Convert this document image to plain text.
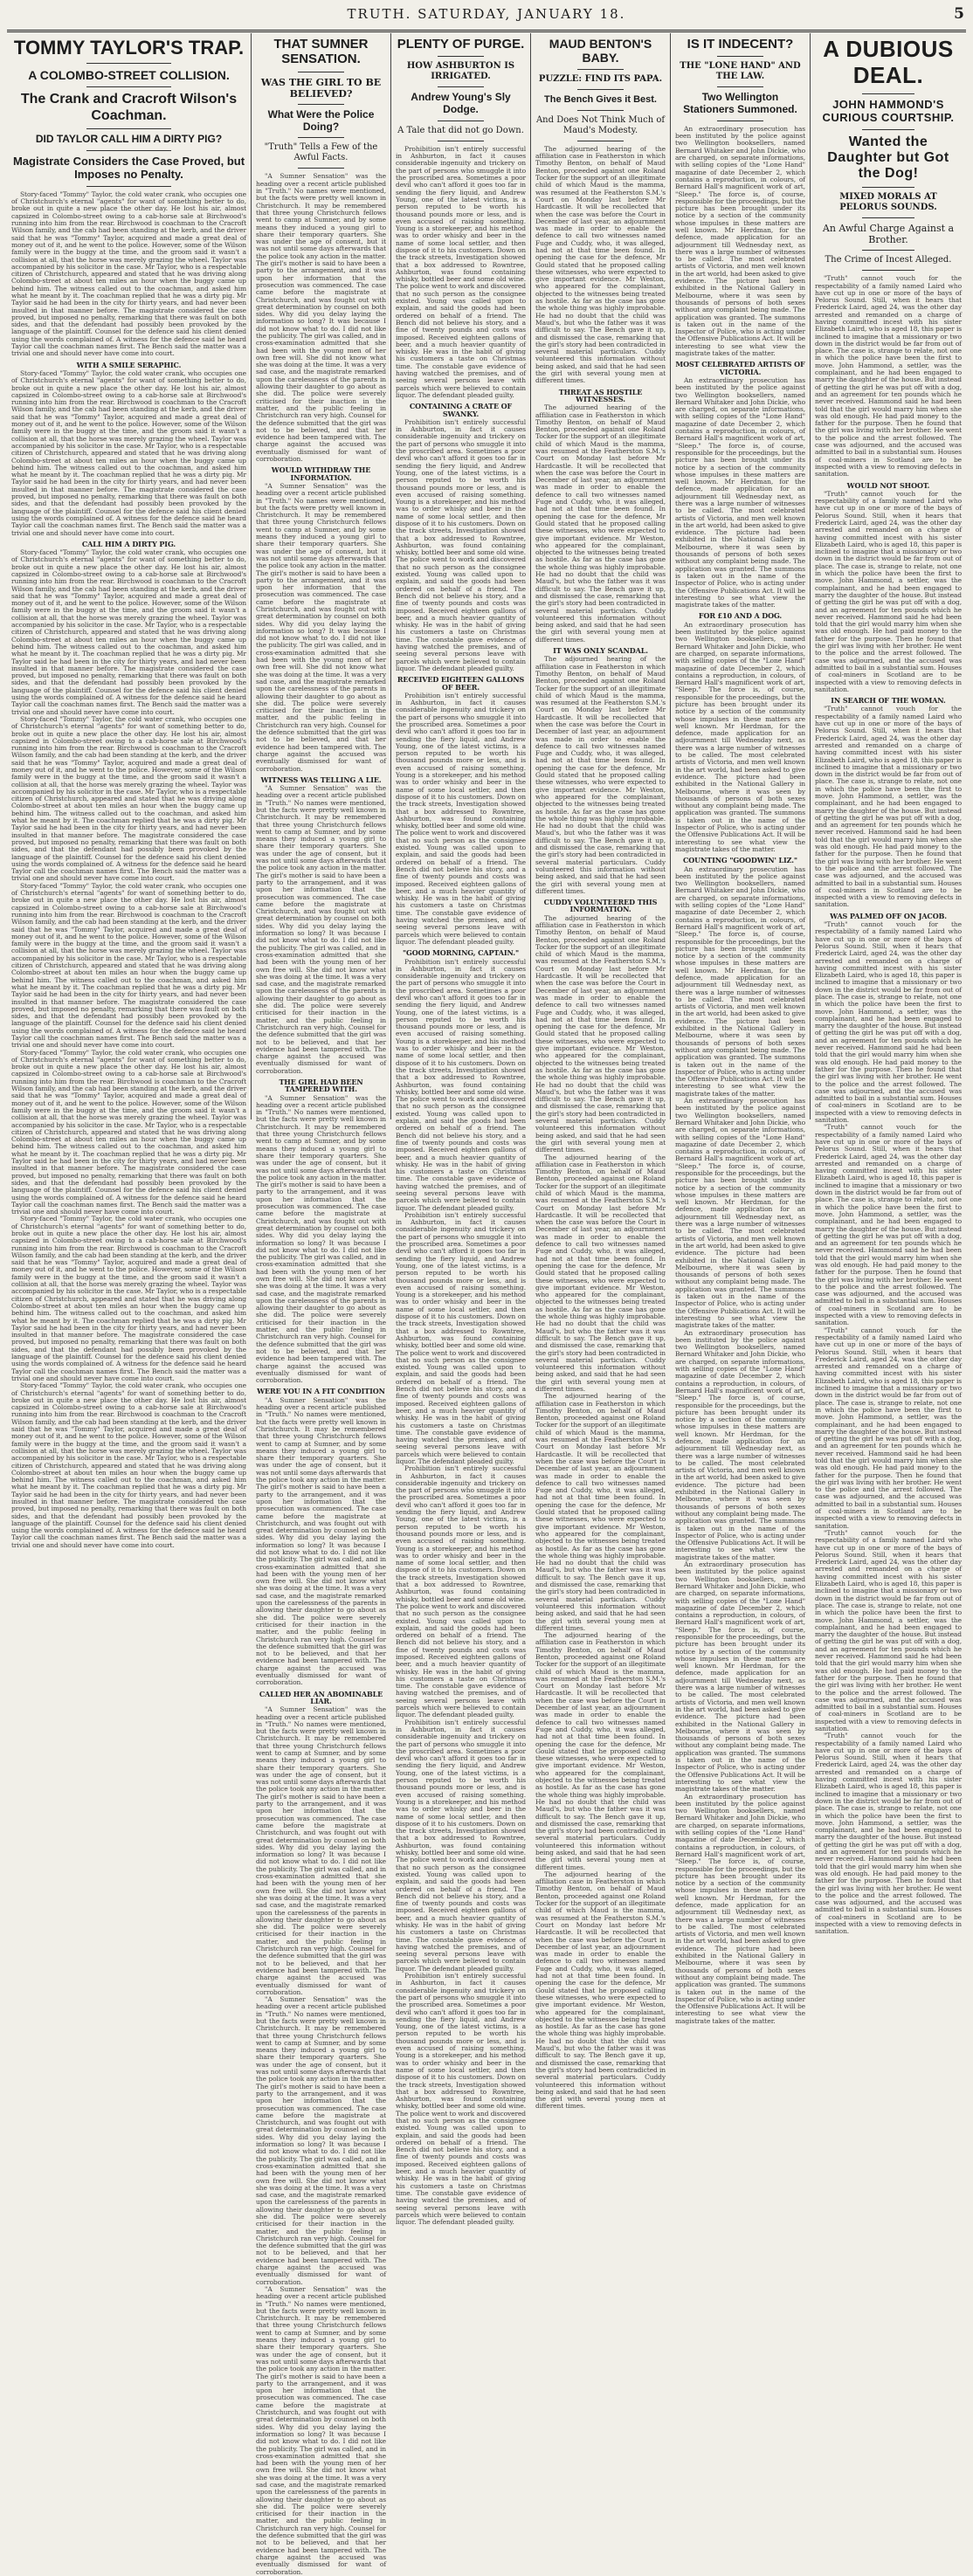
TRUTH. SATURDAY, JANUARY 18.	5
TOMMY TAYLOR'S TRAP.
A COLOMBO-STREET COLLISION.
The Crank and Cracroft Wilson's Coachman.
DID TAYLOR CALL HIM A DIRTY PIG?
Magistrate Considers the Case Proved, but Imposes no Penalty.

Story-faced "Tommy" Taylor, the cold water crank, who occupies one of Christchurch's eternal "agents" for want of something better to do, broke out in quite a new place the other day. He lost his air, almost capsized in Colombo-street owing to a cab-horse sale at Birchwood's running into him from the rear. Birchwood is coachman to the Cracroft Wilson family, and the cab had been standing at the kerb, and the driver said that he was "Tommy" Taylor, acquired and made a great deal of money out of it, and he went to the police. However, some of the Wilson family were in the buggy at the time, and the groom said it wasn't a collision at all, that the horse was merely grazing the wheel. Taylor was accompanied by his solicitor in the case. Mr Taylor, who is a respectable citizen of Christchurch, appeared and stated that he was driving along Colombo-street at about ten miles an hour when the buggy came up behind him. The witness called out to the coachman, and asked him what he meant by it. The coachman replied that he was a dirty pig. Mr Taylor said he had been in the city for thirty years, and had never been insulted in that manner before. The magistrate considered the case proved, but imposed no penalty, remarking that there was fault on both sides, and that the defendant had possibly been provoked by the language of the plaintiff. Counsel for the defence said his client denied using the words complained of. A witness for the defence said he heard Taylor call the coachman names first. The Bench said the matter was a trivial one and should never have come into court.

WITH A SMILE SERAPHIC.

Story-faced "Tommy" Taylor, the cold water crank, who occupies one of Christchurch's eternal "agents" for want of something better to do, broke out in quite a new place the other day. He lost his air, almost capsized in Colombo-street owing to a cab-horse sale at Birchwood's running into him from the rear. Birchwood is coachman to the Cracroft Wilson family, and the cab had been standing at the kerb, and the driver said that he was "Tommy" Taylor, acquired and made a great deal of money out of it, and he went to the police. However, some of the Wilson family were in the buggy at the time, and the groom said it wasn't a collision at all, that the horse was merely grazing the wheel. Taylor was accompanied by his solicitor in the case. Mr Taylor, who is a respectable citizen of Christchurch, appeared and stated that he was driving along Colombo-street at about ten miles an hour when the buggy came up behind him. The witness called out to the coachman, and asked him what he meant by it. The coachman replied that he was a dirty pig. Mr Taylor said he had been in the city for thirty years, and had never been insulted in that manner before. The magistrate considered the case proved, but imposed no penalty, remarking that there was fault on both sides, and that the defendant had possibly been provoked by the language of the plaintiff. Counsel for the defence said his client denied using the words complained of. A witness for the defence said he heard Taylor call the coachman names first. The Bench said the matter was a trivial one and should never have come into court.

CALL HIM A DIRTY PIG.

Story-faced "Tommy" Taylor, the cold water crank, who occupies one of Christchurch's eternal "agents" for want of something better to do, broke out in quite a new place the other day. He lost his air, almost capsized in Colombo-street owing to a cab-horse sale at Birchwood's running into him from the rear. Birchwood is coachman to the Cracroft Wilson family, and the cab had been standing at the kerb, and the driver said that he was "Tommy" Taylor, acquired and made a great deal of money out of it, and he went to the police. However, some of the Wilson family were in the buggy at the time, and the groom said it wasn't a collision at all, that the horse was merely grazing the wheel. Taylor was accompanied by his solicitor in the case. Mr Taylor, who is a respectable citizen of Christchurch, appeared and stated that he was driving along Colombo-street at about ten miles an hour when the buggy came up behind him. The witness called out to the coachman, and asked him what he meant by it. The coachman replied that he was a dirty pig. Mr Taylor said he had been in the city for thirty years, and had never been insulted in that manner before. The magistrate considered the case proved, but imposed no penalty, remarking that there was fault on both sides, and that the defendant had possibly been provoked by the language of the plaintiff. Counsel for the defence said his client denied using the words complained of. A witness for the defence said he heard Taylor call the coachman names first. The Bench said the matter was a trivial one and should never have come into court.

Story-faced "Tommy" Taylor, the cold water crank, who occupies one of Christchurch's eternal "agents" for want of something better to do, broke out in quite a new place the other day. He lost his air, almost capsized in Colombo-street owing to a cab-horse sale at Birchwood's running into him from the rear. Birchwood is coachman to the Cracroft Wilson family, and the cab had been standing at the kerb, and the driver said that he was "Tommy" Taylor, acquired and made a great deal of money out of it, and he went to the police. However, some of the Wilson family were in the buggy at the time, and the groom said it wasn't a collision at all, that the horse was merely grazing the wheel. Taylor was accompanied by his solicitor in the case. Mr Taylor, who is a respectable citizen of Christchurch, appeared and stated that he was driving along Colombo-street at about ten miles an hour when the buggy came up behind him. The witness called out to the coachman, and asked him what he meant by it. The coachman replied that he was a dirty pig. Mr Taylor said he had been in the city for thirty years, and had never been insulted in that manner before. The magistrate considered the case proved, but imposed no penalty, remarking that there was fault on both sides, and that the defendant had possibly been provoked by the language of the plaintiff. Counsel for the defence said his client denied using the words complained of. A witness for the defence said he heard Taylor call the coachman names first. The Bench said the matter was a trivial one and should never have come into court.

Story-faced "Tommy" Taylor, the cold water crank, who occupies one of Christchurch's eternal "agents" for want of something better to do, broke out in quite a new place the other day. He lost his air, almost capsized in Colombo-street owing to a cab-horse sale at Birchwood's running into him from the rear. Birchwood is coachman to the Cracroft Wilson family, and the cab had been standing at the kerb, and the driver said that he was "Tommy" Taylor, acquired and made a great deal of money out of it, and he went to the police. However, some of the Wilson family were in the buggy at the time, and the groom said it wasn't a collision at all, that the horse was merely grazing the wheel. Taylor was accompanied by his solicitor in the case. Mr Taylor, who is a respectable citizen of Christchurch, appeared and stated that he was driving along Colombo-street at about ten miles an hour when the buggy came up behind him. The witness called out to the coachman, and asked him what he meant by it. The coachman replied that he was a dirty pig. Mr Taylor said he had been in the city for thirty years, and had never been insulted in that manner before. The magistrate considered the case proved, but imposed no penalty, remarking that there was fault on both sides, and that the defendant had possibly been provoked by the language of the plaintiff. Counsel for the defence said his client denied using the words complained of. A witness for the defence said he heard Taylor call the coachman names first. The Bench said the matter was a trivial one and should never have come into court.

Story-faced "Tommy" Taylor, the cold water crank, who occupies one of Christchurch's eternal "agents" for want of something better to do, broke out in quite a new place the other day. He lost his air, almost capsized in Colombo-street owing to a cab-horse sale at Birchwood's running into him from the rear. Birchwood is coachman to the Cracroft Wilson family, and the cab had been standing at the kerb, and the driver said that he was "Tommy" Taylor, acquired and made a great deal of money out of it, and he went to the police. However, some of the Wilson family were in the buggy at the time, and the groom said it wasn't a collision at all, that the horse was merely grazing the wheel. Taylor was accompanied by his solicitor in the case. Mr Taylor, who is a respectable citizen of Christchurch, appeared and stated that he was driving along Colombo-street at about ten miles an hour when the buggy came up behind him. The witness called out to the coachman, and asked him what he meant by it. The coachman replied that he was a dirty pig. Mr Taylor said he had been in the city for thirty years, and had never been insulted in that manner before. The magistrate considered the case proved, but imposed no penalty, remarking that there was fault on both sides, and that the defendant had possibly been provoked by the language of the plaintiff. Counsel for the defence said his client denied using the words complained of. A witness for the defence said he heard Taylor call the coachman names first. The Bench said the matter was a trivial one and should never have come into court.

Story-faced "Tommy" Taylor, the cold water crank, who occupies one of Christchurch's eternal "agents" for want of something better to do, broke out in quite a new place the other day. He lost his air, almost capsized in Colombo-street owing to a cab-horse sale at Birchwood's running into him from the rear. Birchwood is coachman to the Cracroft Wilson family, and the cab had been standing at the kerb, and the driver said that he was "Tommy" Taylor, acquired and made a great deal of money out of it, and he went to the police. However, some of the Wilson family were in the buggy at the time, and the groom said it wasn't a collision at all, that the horse was merely grazing the wheel. Taylor was accompanied by his solicitor in the case. Mr Taylor, who is a respectable citizen of Christchurch, appeared and stated that he was driving along Colombo-street at about ten miles an hour when the buggy came up behind him. The witness called out to the coachman, and asked him what he meant by it. The coachman replied that he was a dirty pig. Mr Taylor said he had been in the city for thirty years, and had never been insulted in that manner before. The magistrate considered the case proved, but imposed no penalty, remarking that there was fault on both sides, and that the defendant had possibly been provoked by the language of the plaintiff. Counsel for the defence said his client denied using the words complained of. A witness for the defence said he heard Taylor call the coachman names first. The Bench said the matter was a trivial one and should never have come into court.

Story-faced "Tommy" Taylor, the cold water crank, who occupies one of Christchurch's eternal "agents" for want of something better to do, broke out in quite a new place the other day. He lost his air, almost capsized in Colombo-street owing to a cab-horse sale at Birchwood's running into him from the rear. Birchwood is coachman to the Cracroft Wilson family, and the cab had been standing at the kerb, and the driver said that he was "Tommy" Taylor, acquired and made a great deal of money out of it, and he went to the police. However, some of the Wilson family were in the buggy at the time, and the groom said it wasn't a collision at all, that the horse was merely grazing the wheel. Taylor was accompanied by his solicitor in the case. Mr Taylor, who is a respectable citizen of Christchurch, appeared and stated that he was driving along Colombo-street at about ten miles an hour when the buggy came up behind him. The witness called out to the coachman, and asked him what he meant by it. The coachman replied that he was a dirty pig. Mr Taylor said he had been in the city for thirty years, and had never been insulted in that manner before. The magistrate considered the case proved, but imposed no penalty, remarking that there was fault on both sides, and that the defendant had possibly been provoked by the language of the plaintiff. Counsel for the defence said his client denied using the words complained of. A witness for the defence said he heard Taylor call the coachman names first. The Bench said the matter was a trivial one and should never have come into court.

THAT SUMNER SENSATION.
WAS THE GIRL TO BE BELIEVED?
What Were the Police Doing?
"Truth" Tells a Few of the Awful Facts.

"A Sumner Sensation" was the heading over a recent article published in "Truth." No names were mentioned, but the facts were pretty well known in Christchurch. It may be remembered that three young Christchurch fellows went to camp at Sumner, and by some means they induced a young girl to share their temporary quarters. She was under the age of consent, but it was not until some days afterwards that the police took any action in the matter. The girl's mother is said to have been a party to the arrangement, and it was upon her information that the prosecution was commenced. The case came before the magistrate at Christchurch, and was fought out with great determination by counsel on both sides. Why did you delay laying the information so long? It was because I did not know what to do. I did not like the publicity. The girl was called, and in cross-examination admitted that she had been with the young men of her own free will. She did not know what she was doing at the time. It was a very sad case, and the magistrate remarked upon the carelessness of the parents in allowing their daughter to go about as she did. The police were severely criticised for their inaction in the matter, and the public feeling in Christchurch ran very high. Counsel for the defence submitted that the girl was not to be believed, and that her evidence had been tampered with. The charge against the accused was eventually dismissed for want of corroboration.

WOULD WITHDRAW THE INFORMATION.

"A Sumner Sensation" was the heading over a recent article published in "Truth." No names were mentioned, but the facts were pretty well known in Christchurch. It may be remembered that three young Christchurch fellows went to camp at Sumner, and by some means they induced a young girl to share their temporary quarters. She was under the age of consent, but it was not until some days afterwards that the police took any action in the matter. The girl's mother is said to have been a party to the arrangement, and it was upon her information that the prosecution was commenced. The case came before the magistrate at Christchurch, and was fought out with great determination by counsel on both sides. Why did you delay laying the information so long? It was because I did not know what to do. I did not like the publicity. The girl was called, and in cross-examination admitted that she had been with the young men of her own free will. She did not know what she was doing at the time. It was a very sad case, and the magistrate remarked upon the carelessness of the parents in allowing their daughter to go about as she did. The police were severely criticised for their inaction in the matter, and the public feeling in Christchurch ran very high. Counsel for the defence submitted that the girl was not to be believed, and that her evidence had been tampered with. The charge against the accused was eventually dismissed for want of corroboration.

WITNESS WAS TELLING A LIE.

"A Sumner Sensation" was the heading over a recent article published in "Truth." No names were mentioned, but the facts were pretty well known in Christchurch. It may be remembered that three young Christchurch fellows went to camp at Sumner, and by some means they induced a young girl to share their temporary quarters. She was under the age of consent, but it was not until some days afterwards that the police took any action in the matter. The girl's mother is said to have been a party to the arrangement, and it was upon her information that the prosecution was commenced. The case came before the magistrate at Christchurch, and was fought out with great determination by counsel on both sides. Why did you delay laying the information so long? It was because I did not know what to do. I did not like the publicity. The girl was called, and in cross-examination admitted that she had been with the young men of her own free will. She did not know what she was doing at the time. It was a very sad case, and the magistrate remarked upon the carelessness of the parents in allowing their daughter to go about as she did. The police were severely criticised for their inaction in the matter, and the public feeling in Christchurch ran very high. Counsel for the defence submitted that the girl was not to be believed, and that her evidence had been tampered with. The charge against the accused was eventually dismissed for want of corroboration.

THE GIRL HAD BEEN TAMPERED WITH.

"A Sumner Sensation" was the heading over a recent article published in "Truth." No names were mentioned, but the facts were pretty well known in Christchurch. It may be remembered that three young Christchurch fellows went to camp at Sumner, and by some means they induced a young girl to share their temporary quarters. She was under the age of consent, but it was not until some days afterwards that the police took any action in the matter. The girl's mother is said to have been a party to the arrangement, and it was upon her information that the prosecution was commenced. The case came before the magistrate at Christchurch, and was fought out with great determination by counsel on both sides. Why did you delay laying the information so long? It was because I did not know what to do. I did not like the publicity. The girl was called, and in cross-examination admitted that she had been with the young men of her own free will. She did not know what she was doing at the time. It was a very sad case, and the magistrate remarked upon the carelessness of the parents in allowing their daughter to go about as she did. The police were severely criticised for their inaction in the matter, and the public feeling in Christchurch ran very high. Counsel for the defence submitted that the girl was not to be believed, and that her evidence had been tampered with. The charge against the accused was eventually dismissed for want of corroboration.

WERE YOU IN A FIT CONDITION

"A Sumner Sensation" was the heading over a recent article published in "Truth." No names were mentioned, but the facts were pretty well known in Christchurch. It may be remembered that three young Christchurch fellows went to camp at Sumner, and by some means they induced a young girl to share their temporary quarters. She was under the age of consent, but it was not until some days afterwards that the police took any action in the matter. The girl's mother is said to have been a party to the arrangement, and it was upon her information that the prosecution was commenced. The case came before the magistrate at Christchurch, and was fought out with great determination by counsel on both sides. Why did you delay laying the information so long? It was because I did not know what to do. I did not like the publicity. The girl was called, and in cross-examination admitted that she had been with the young men of her own free will. She did not know what she was doing at the time. It was a very sad case, and the magistrate remarked upon the carelessness of the parents in allowing their daughter to go about as she did. The police were severely criticised for their inaction in the matter, and the public feeling in Christchurch ran very high. Counsel for the defence submitted that the girl was not to be believed, and that her evidence had been tampered with. The charge against the accused was eventually dismissed for want of corroboration.

CALLED HER AN ABOMINABLE LIAR.

"A Sumner Sensation" was the heading over a recent article published in "Truth." No names were mentioned, but the facts were pretty well known in Christchurch. It may be remembered that three young Christchurch fellows went to camp at Sumner, and by some means they induced a young girl to share their temporary quarters. She was under the age of consent, but it was not until some days afterwards that the police took any action in the matter. The girl's mother is said to have been a party to the arrangement, and it was upon her information that the prosecution was commenced. The case came before the magistrate at Christchurch, and was fought out with great determination by counsel on both sides. Why did you delay laying the information so long? It was because I did not know what to do. I did not like the publicity. The girl was called, and in cross-examination admitted that she had been with the young men of her own free will. She did not know what she was doing at the time. It was a very sad case, and the magistrate remarked upon the carelessness of the parents in allowing their daughter to go about as she did. The police were severely criticised for their inaction in the matter, and the public feeling in Christchurch ran very high. Counsel for the defence submitted that the girl was not to be believed, and that her evidence had been tampered with. The charge against the accused was eventually dismissed for want of corroboration.

"A Sumner Sensation" was the heading over a recent article published in "Truth." No names were mentioned, but the facts were pretty well known in Christchurch. It may be remembered that three young Christchurch fellows went to camp at Sumner, and by some means they induced a young girl to share their temporary quarters. She was under the age of consent, but it was not until some days afterwards that the police took any action in the matter. The girl's mother is said to have been a party to the arrangement, and it was upon her information that the prosecution was commenced. The case came before the magistrate at Christchurch, and was fought out with great determination by counsel on both sides. Why did you delay laying the information so long? It was because I did not know what to do. I did not like the publicity. The girl was called, and in cross-examination admitted that she had been with the young men of her own free will. She did not know what she was doing at the time. It was a very sad case, and the magistrate remarked upon the carelessness of the parents in allowing their daughter to go about as she did. The police were severely criticised for their inaction in the matter, and the public feeling in Christchurch ran very high. Counsel for the defence submitted that the girl was not to be believed, and that her evidence had been tampered with. The charge against the accused was eventually dismissed for want of corroboration.

"A Sumner Sensation" was the heading over a recent article published in "Truth." No names were mentioned, but the facts were pretty well known in Christchurch. It may be remembered that three young Christchurch fellows went to camp at Sumner, and by some means they induced a young girl to share their temporary quarters. She was under the age of consent, but it was not until some days afterwards that the police took any action in the matter. The girl's mother is said to have been a party to the arrangement, and it was upon her information that the prosecution was commenced. The case came before the magistrate at Christchurch, and was fought out with great determination by counsel on both sides. Why did you delay laying the information so long? It was because I did not know what to do. I did not like the publicity. The girl was called, and in cross-examination admitted that she had been with the young men of her own free will. She did not know what she was doing at the time. It was a very sad case, and the magistrate remarked upon the carelessness of the parents in allowing their daughter to go about as she did. The police were severely criticised for their inaction in the matter, and the public feeling in Christchurch ran very high. Counsel for the defence submitted that the girl was not to be believed, and that her evidence had been tampered with. The charge against the accused was eventually dismissed for want of corroboration.

PLENTY OF PURGE.
HOW ASHBURTON IS IRRIGATED.
Andrew Young's Sly Dodge.
A Tale that did not go Down.

Prohibition isn't entirely successful in Ashburton, in fact it causes considerable ingenuity and trickery on the part of persons who smuggle it into the proscribed area. Sometimes a poor devil who can't afford it goes too far in sending the fiery liquid, and Andrew Young, one of the latest victims, is a person reputed to be worth his thousand pounds more or less, and is even accused of raising something. Young is a storekeeper, and his method was to order whisky and beer in the name of some local settler, and then dispose of it to his customers. Down on the track streets, Investigation showed that a box addressed to Rowntree, Ashburton, was found containing whisky, bottled beer and some old wine. The police went to work and discovered that no such person as the consignee existed. Young was called upon to explain, and said the goods had been ordered on behalf of a friend. The Bench did not believe his story, and a fine of twenty pounds and costs was imposed. Received eighteen gallons of beer, and a much heavier quantity of whisky. He was in the habit of giving his customers a taste on Christmas time. The constable gave evidence of having watched the premises, and of seeing several persons leave with parcels which were believed to contain liquor. The defendant pleaded guilty.

CONTAINING A CRATE OF SWANKY.

Prohibition isn't entirely successful in Ashburton, in fact it causes considerable ingenuity and trickery on the part of persons who smuggle it into the proscribed area. Sometimes a poor devil who can't afford it goes too far in sending the fiery liquid, and Andrew Young, one of the latest victims, is a person reputed to be worth his thousand pounds more or less, and is even accused of raising something. Young is a storekeeper, and his method was to order whisky and beer in the name of some local settler, and then dispose of it to his customers. Down on the track streets, Investigation showed that a box addressed to Rowntree, Ashburton, was found containing whisky, bottled beer and some old wine. The police went to work and discovered that no such person as the consignee existed. Young was called upon to explain, and said the goods had been ordered on behalf of a friend. The Bench did not believe his story, and a fine of twenty pounds and costs was imposed. Received eighteen gallons of beer, and a much heavier quantity of whisky. He was in the habit of giving his customers a taste on Christmas time. The constable gave evidence of having watched the premises, and of seeing several persons leave with parcels which were believed to contain liquor. The defendant pleaded guilty.

RECEIVED EIGHTEEN GALLONS OF BEER.

Prohibition isn't entirely successful in Ashburton, in fact it causes considerable ingenuity and trickery on the part of persons who smuggle it into the proscribed area. Sometimes a poor devil who can't afford it goes too far in sending the fiery liquid, and Andrew Young, one of the latest victims, is a person reputed to be worth his thousand pounds more or less, and is even accused of raising something. Young is a storekeeper, and his method was to order whisky and beer in the name of some local settler, and then dispose of it to his customers. Down on the track streets, Investigation showed that a box addressed to Rowntree, Ashburton, was found containing whisky, bottled beer and some old wine. The police went to work and discovered that no such person as the consignee existed. Young was called upon to explain, and said the goods had been ordered on behalf of a friend. The Bench did not believe his story, and a fine of twenty pounds and costs was imposed. Received eighteen gallons of beer, and a much heavier quantity of whisky. He was in the habit of giving his customers a taste on Christmas time. The constable gave evidence of having watched the premises, and of seeing several persons leave with parcels which were believed to contain liquor. The defendant pleaded guilty.

"GOOD MORNING, CAPTAIN."

Prohibition isn't entirely successful in Ashburton, in fact it causes considerable ingenuity and trickery on the part of persons who smuggle it into the proscribed area. Sometimes a poor devil who can't afford it goes too far in sending the fiery liquid, and Andrew Young, one of the latest victims, is a person reputed to be worth his thousand pounds more or less, and is even accused of raising something. Young is a storekeeper, and his method was to order whisky and beer in the name of some local settler, and then dispose of it to his customers. Down on the track streets, Investigation showed that a box addressed to Rowntree, Ashburton, was found containing whisky, bottled beer and some old wine. The police went to work and discovered that no such person as the consignee existed. Young was called upon to explain, and said the goods had been ordered on behalf of a friend. The Bench did not believe his story, and a fine of twenty pounds and costs was imposed. Received eighteen gallons of beer, and a much heavier quantity of whisky. He was in the habit of giving his customers a taste on Christmas time. The constable gave evidence of having watched the premises, and of seeing several persons leave with parcels which were believed to contain liquor. The defendant pleaded guilty.

Prohibition isn't entirely successful in Ashburton, in fact it causes considerable ingenuity and trickery on the part of persons who smuggle it into the proscribed area. Sometimes a poor devil who can't afford it goes too far in sending the fiery liquid, and Andrew Young, one of the latest victims, is a person reputed to be worth his thousand pounds more or less, and is even accused of raising something. Young is a storekeeper, and his method was to order whisky and beer in the name of some local settler, and then dispose of it to his customers. Down on the track streets, Investigation showed that a box addressed to Rowntree, Ashburton, was found containing whisky, bottled beer and some old wine. The police went to work and discovered that no such person as the consignee existed. Young was called upon to explain, and said the goods had been ordered on behalf of a friend. The Bench did not believe his story, and a fine of twenty pounds and costs was imposed. Received eighteen gallons of beer, and a much heavier quantity of whisky. He was in the habit of giving his customers a taste on Christmas time. The constable gave evidence of having watched the premises, and of seeing several persons leave with parcels which were believed to contain liquor. The defendant pleaded guilty.

Prohibition isn't entirely successful in Ashburton, in fact it causes considerable ingenuity and trickery on the part of persons who smuggle it into the proscribed area. Sometimes a poor devil who can't afford it goes too far in sending the fiery liquid, and Andrew Young, one of the latest victims, is a person reputed to be worth his thousand pounds more or less, and is even accused of raising something. Young is a storekeeper, and his method was to order whisky and beer in the name of some local settler, and then dispose of it to his customers. Down on the track streets, Investigation showed that a box addressed to Rowntree, Ashburton, was found containing whisky, bottled beer and some old wine. The police went to work and discovered that no such person as the consignee existed. Young was called upon to explain, and said the goods had been ordered on behalf of a friend. The Bench did not believe his story, and a fine of twenty pounds and costs was imposed. Received eighteen gallons of beer, and a much heavier quantity of whisky. He was in the habit of giving his customers a taste on Christmas time. The constable gave evidence of having watched the premises, and of seeing several persons leave with parcels which were believed to contain liquor. The defendant pleaded guilty.

Prohibition isn't entirely successful in Ashburton, in fact it causes considerable ingenuity and trickery on the part of persons who smuggle it into the proscribed area. Sometimes a poor devil who can't afford it goes too far in sending the fiery liquid, and Andrew Young, one of the latest victims, is a person reputed to be worth his thousand pounds more or less, and is even accused of raising something. Young is a storekeeper, and his method was to order whisky and beer in the name of some local settler, and then dispose of it to his customers. Down on the track streets, Investigation showed that a box addressed to Rowntree, Ashburton, was found containing whisky, bottled beer and some old wine. The police went to work and discovered that no such person as the consignee existed. Young was called upon to explain, and said the goods had been ordered on behalf of a friend. The Bench did not believe his story, and a fine of twenty pounds and costs was imposed. Received eighteen gallons of beer, and a much heavier quantity of whisky. He was in the habit of giving his customers a taste on Christmas time. The constable gave evidence of having watched the premises, and of seeing several persons leave with parcels which were believed to contain liquor. The defendant pleaded guilty.

Prohibition isn't entirely successful in Ashburton, in fact it causes considerable ingenuity and trickery on the part of persons who smuggle it into the proscribed area. Sometimes a poor devil who can't afford it goes too far in sending the fiery liquid, and Andrew Young, one of the latest victims, is a person reputed to be worth his thousand pounds more or less, and is even accused of raising something. Young is a storekeeper, and his method was to order whisky and beer in the name of some local settler, and then dispose of it to his customers. Down on the track streets, Investigation showed that a box addressed to Rowntree, Ashburton, was found containing whisky, bottled beer and some old wine. The police went to work and discovered that no such person as the consignee existed. Young was called upon to explain, and said the goods had been ordered on behalf of a friend. The Bench did not believe his story, and a fine of twenty pounds and costs was imposed. Received eighteen gallons of beer, and a much heavier quantity of whisky. He was in the habit of giving his customers a taste on Christmas time. The constable gave evidence of having watched the premises, and of seeing several persons leave with parcels which were believed to contain liquor. The defendant pleaded guilty.

MAUD BENTON'S BABY.
PUZZLE: FIND ITS PAPA.
The Bench Gives it Best.
And Does Not Think Much of Maud's Modesty.

The adjourned hearing of the affiliation case in Featherston in which Timothy Benton, on behalf of Maud Benton, proceeded against one Roland Tocker for the support of an illegitimate child of which Maud is the mamma, was resumed at the Featherston S.M.'s Court on Monday last before Mr Hardcastle. It will be recollected that when the case was before the Court in December of last year, an adjournment was made in order to enable the defence to call two witnesses named Fuge and Cuddy, who, it was alleged, had not at that time been found. In opening the case for the defence, Mr Gould stated that he proposed calling these witnesses, who were expected to give important evidence. Mr Weston, who appeared for the complainant, objected to the witnesses being treated as hostile. As far as the case has gone the whole thing was highly improbable. He had no doubt that the child was Maud's, but who the father was it was difficult to say. The Bench gave it up, and dismissed the case, remarking that the girl's story had been contradicted in several material particulars. Cuddy volunteered this information without being asked, and said that he had seen the girl with several young men at different times.

THREAT AS HOSTILE WITNESSES.

The adjourned hearing of the affiliation case in Featherston in which Timothy Benton, on behalf of Maud Benton, proceeded against one Roland Tocker for the support of an illegitimate child of which Maud is the mamma, was resumed at the Featherston S.M.'s Court on Monday last before Mr Hardcastle. It will be recollected that when the case was before the Court in December of last year, an adjournment was made in order to enable the defence to call two witnesses named Fuge and Cuddy, who, it was alleged, had not at that time been found. In opening the case for the defence, Mr Gould stated that he proposed calling these witnesses, who were expected to give important evidence. Mr Weston, who appeared for the complainant, objected to the witnesses being treated as hostile. As far as the case has gone the whole thing was highly improbable. He had no doubt that the child was Maud's, but who the father was it was difficult to say. The Bench gave it up, and dismissed the case, remarking that the girl's story had been contradicted in several material particulars. Cuddy volunteered this information without being asked, and said that he had seen the girl with several young men at different times.

IT WAS ONLY SCANDAL.

The adjourned hearing of the affiliation case in Featherston in which Timothy Benton, on behalf of Maud Benton, proceeded against one Roland Tocker for the support of an illegitimate child of which Maud is the mamma, was resumed at the Featherston S.M.'s Court on Monday last before Mr Hardcastle. It will be recollected that when the case was before the Court in December of last year, an adjournment was made in order to enable the defence to call two witnesses named Fuge and Cuddy, who, it was alleged, had not at that time been found. In opening the case for the defence, Mr Gould stated that he proposed calling these witnesses, who were expected to give important evidence. Mr Weston, who appeared for the complainant, objected to the witnesses being treated as hostile. As far as the case has gone the whole thing was highly improbable. He had no doubt that the child was Maud's, but who the father was it was difficult to say. The Bench gave it up, and dismissed the case, remarking that the girl's story had been contradicted in several material particulars. Cuddy volunteered this information without being asked, and said that he had seen the girl with several young men at different times.

CUDDY VOLUNTEERED THIS INFORMATION.

The adjourned hearing of the affiliation case in Featherston in which Timothy Benton, on behalf of Maud Benton, proceeded against one Roland Tocker for the support of an illegitimate child of which Maud is the mamma, was resumed at the Featherston S.M.'s Court on Monday last before Mr Hardcastle. It will be recollected that when the case was before the Court in December of last year, an adjournment was made in order to enable the defence to call two witnesses named Fuge and Cuddy, who, it was alleged, had not at that time been found. In opening the case for the defence, Mr Gould stated that he proposed calling these witnesses, who were expected to give important evidence. Mr Weston, who appeared for the complainant, objected to the witnesses being treated as hostile. As far as the case has gone the whole thing was highly improbable. He had no doubt that the child was Maud's, but who the father was it was difficult to say. The Bench gave it up, and dismissed the case, remarking that the girl's story had been contradicted in several material particulars. Cuddy volunteered this information without being asked, and said that he had seen the girl with several young men at different times.

The adjourned hearing of the affiliation case in Featherston in which Timothy Benton, on behalf of Maud Benton, proceeded against one Roland Tocker for the support of an illegitimate child of which Maud is the mamma, was resumed at the Featherston S.M.'s Court on Monday last before Mr Hardcastle. It will be recollected that when the case was before the Court in December of last year, an adjournment was made in order to enable the defence to call two witnesses named Fuge and Cuddy, who, it was alleged, had not at that time been found. In opening the case for the defence, Mr Gould stated that he proposed calling these witnesses, who were expected to give important evidence. Mr Weston, who appeared for the complainant, objected to the witnesses being treated as hostile. As far as the case has gone the whole thing was highly improbable. He had no doubt that the child was Maud's, but who the father was it was difficult to say. The Bench gave it up, and dismissed the case, remarking that the girl's story had been contradicted in several material particulars. Cuddy volunteered this information without being asked, and said that he had seen the girl with several young men at different times.

The adjourned hearing of the affiliation case in Featherston in which Timothy Benton, on behalf of Maud Benton, proceeded against one Roland Tocker for the support of an illegitimate child of which Maud is the mamma, was resumed at the Featherston S.M.'s Court on Monday last before Mr Hardcastle. It will be recollected that when the case was before the Court in December of last year, an adjournment was made in order to enable the defence to call two witnesses named Fuge and Cuddy, who, it was alleged, had not at that time been found. In opening the case for the defence, Mr Gould stated that he proposed calling these witnesses, who were expected to give important evidence. Mr Weston, who appeared for the complainant, objected to the witnesses being treated as hostile. As far as the case has gone the whole thing was highly improbable. He had no doubt that the child was Maud's, but who the father was it was difficult to say. The Bench gave it up, and dismissed the case, remarking that the girl's story had been contradicted in several material particulars. Cuddy volunteered this information without being asked, and said that he had seen the girl with several young men at different times.

The adjourned hearing of the affiliation case in Featherston in which Timothy Benton, on behalf of Maud Benton, proceeded against one Roland Tocker for the support of an illegitimate child of which Maud is the mamma, was resumed at the Featherston S.M.'s Court on Monday last before Mr Hardcastle. It will be recollected that when the case was before the Court in December of last year, an adjournment was made in order to enable the defence to call two witnesses named Fuge and Cuddy, who, it was alleged, had not at that time been found. In opening the case for the defence, Mr Gould stated that he proposed calling these witnesses, who were expected to give important evidence. Mr Weston, who appeared for the complainant, objected to the witnesses being treated as hostile. As far as the case has gone the whole thing was highly improbable. He had no doubt that the child was Maud's, but who the father was it was difficult to say. The Bench gave it up, and dismissed the case, remarking that the girl's story had been contradicted in several material particulars. Cuddy volunteered this information without being asked, and said that he had seen the girl with several young men at different times.

The adjourned hearing of the affiliation case in Featherston in which Timothy Benton, on behalf of Maud Benton, proceeded against one Roland Tocker for the support of an illegitimate child of which Maud is the mamma, was resumed at the Featherston S.M.'s Court on Monday last before Mr Hardcastle. It will be recollected that when the case was before the Court in December of last year, an adjournment was made in order to enable the defence to call two witnesses named Fuge and Cuddy, who, it was alleged, had not at that time been found. In opening the case for the defence, Mr Gould stated that he proposed calling these witnesses, who were expected to give important evidence. Mr Weston, who appeared for the complainant, objected to the witnesses being treated as hostile. As far as the case has gone the whole thing was highly improbable. He had no doubt that the child was Maud's, but who the father was it was difficult to say. The Bench gave it up, and dismissed the case, remarking that the girl's story had been contradicted in several material particulars. Cuddy volunteered this information without being asked, and said that he had seen the girl with several young men at different times.

IS IT INDECENT?
THE "LONE HAND" AND THE LAW.
Two Wellington Stationers Summoned.

An extraordinary prosecution has been instituted by the police against two Wellington booksellers, named Bernard Whitaker and John Dickie, who are charged, on separate informations, with selling copies of the "Lone Hand" magazine of date December 2, which contains a reproduction, in colours, of Bernard Hall's magnificent work of art, "Sleep." The force is, of course, responsible for the proceedings, but the picture has been brought under its notice by a section of the community whose impulses in these matters are well known. Mr Herdman, for the defence, made application for an adjournment till Wednesday next, as there was a large number of witnesses to be called. The most celebrated artists of Victoria, and men well known in the art world, had been asked to give evidence. The picture had been exhibited in the National Gallery in Melbourne, where it was seen by thousands of persons of both sexes without any complaint being made. The application was granted. The summons is taken out in the name of the Inspector of Police, who is acting under the Offensive Publications Act. It will be interesting to see what view the magistrate takes of the matter.

MOST CELEBRATED ARTISTS OF VICTORIA.

An extraordinary prosecution has been instituted by the police against two Wellington booksellers, named Bernard Whitaker and John Dickie, who are charged, on separate informations, with selling copies of the "Lone Hand" magazine of date December 2, which contains a reproduction, in colours, of Bernard Hall's magnificent work of art, "Sleep." The force is, of course, responsible for the proceedings, but the picture has been brought under its notice by a section of the community whose impulses in these matters are well known. Mr Herdman, for the defence, made application for an adjournment till Wednesday next, as there was a large number of witnesses to be called. The most celebrated artists of Victoria, and men well known in the art world, had been asked to give evidence. The picture had been exhibited in the National Gallery in Melbourne, where it was seen by thousands of persons of both sexes without any complaint being made. The application was granted. The summons is taken out in the name of the Inspector of Police, who is acting under the Offensive Publications Act. It will be interesting to see what view the magistrate takes of the matter.

FOR £10 AND A DOG.

An extraordinary prosecution has been instituted by the police against two Wellington booksellers, named Bernard Whitaker and John Dickie, who are charged, on separate informations, with selling copies of the "Lone Hand" magazine of date December 2, which contains a reproduction, in colours, of Bernard Hall's magnificent work of art, "Sleep." The force is, of course, responsible for the proceedings, but the picture has been brought under its notice by a section of the community whose impulses in these matters are well known. Mr Herdman, for the defence, made application for an adjournment till Wednesday next, as there was a large number of witnesses to be called. The most celebrated artists of Victoria, and men well known in the art world, had been asked to give evidence. The picture had been exhibited in the National Gallery in Melbourne, where it was seen by thousands of persons of both sexes without any complaint being made. The application was granted. The summons is taken out in the name of the Inspector of Police, who is acting under the Offensive Publications Act. It will be interesting to see what view the magistrate takes of the matter.

COUNTING "GOODWIN' LIZ."

An extraordinary prosecution has been instituted by the police against two Wellington booksellers, named Bernard Whitaker and John Dickie, who are charged, on separate informations, with selling copies of the "Lone Hand" magazine of date December 2, which contains a reproduction, in colours, of Bernard Hall's magnificent work of art, "Sleep." The force is, of course, responsible for the proceedings, but the picture has been brought under its notice by a section of the community whose impulses in these matters are well known. Mr Herdman, for the defence, made application for an adjournment till Wednesday next, as there was a large number of witnesses to be called. The most celebrated artists of Victoria, and men well known in the art world, had been asked to give evidence. The picture had been exhibited in the National Gallery in Melbourne, where it was seen by thousands of persons of both sexes without any complaint being made. The application was granted. The summons is taken out in the name of the Inspector of Police, who is acting under the Offensive Publications Act. It will be interesting to see what view the magistrate takes of the matter.

An extraordinary prosecution has been instituted by the police against two Wellington booksellers, named Bernard Whitaker and John Dickie, who are charged, on separate informations, with selling copies of the "Lone Hand" magazine of date December 2, which contains a reproduction, in colours, of Bernard Hall's magnificent work of art, "Sleep." The force is, of course, responsible for the proceedings, but the picture has been brought under its notice by a section of the community whose impulses in these matters are well known. Mr Herdman, for the defence, made application for an adjournment till Wednesday next, as there was a large number of witnesses to be called. The most celebrated artists of Victoria, and men well known in the art world, had been asked to give evidence. The picture had been exhibited in the National Gallery in Melbourne, where it was seen by thousands of persons of both sexes without any complaint being made. The application was granted. The summons is taken out in the name of the Inspector of Police, who is acting under the Offensive Publications Act. It will be interesting to see what view the magistrate takes of the matter.

An extraordinary prosecution has been instituted by the police against two Wellington booksellers, named Bernard Whitaker and John Dickie, who are charged, on separate informations, with selling copies of the "Lone Hand" magazine of date December 2, which contains a reproduction, in colours, of Bernard Hall's magnificent work of art, "Sleep." The force is, of course, responsible for the proceedings, but the picture has been brought under its notice by a section of the community whose impulses in these matters are well known. Mr Herdman, for the defence, made application for an adjournment till Wednesday next, as there was a large number of witnesses to be called. The most celebrated artists of Victoria, and men well known in the art world, had been asked to give evidence. The picture had been exhibited in the National Gallery in Melbourne, where it was seen by thousands of persons of both sexes without any complaint being made. The application was granted. The summons is taken out in the name of the Inspector of Police, who is acting under the Offensive Publications Act. It will be interesting to see what view the magistrate takes of the matter.

An extraordinary prosecution has been instituted by the police against two Wellington booksellers, named Bernard Whitaker and John Dickie, who are charged, on separate informations, with selling copies of the "Lone Hand" magazine of date December 2, which contains a reproduction, in colours, of Bernard Hall's magnificent work of art, "Sleep." The force is, of course, responsible for the proceedings, but the picture has been brought under its notice by a section of the community whose impulses in these matters are well known. Mr Herdman, for the defence, made application for an adjournment till Wednesday next, as there was a large number of witnesses to be called. The most celebrated artists of Victoria, and men well known in the art world, had been asked to give evidence. The picture had been exhibited in the National Gallery in Melbourne, where it was seen by thousands of persons of both sexes without any complaint being made. The application was granted. The summons is taken out in the name of the Inspector of Police, who is acting under the Offensive Publications Act. It will be interesting to see what view the magistrate takes of the matter.

An extraordinary prosecution has been instituted by the police against two Wellington booksellers, named Bernard Whitaker and John Dickie, who are charged, on separate informations, with selling copies of the "Lone Hand" magazine of date December 2, which contains a reproduction, in colours, of Bernard Hall's magnificent work of art, "Sleep." The force is, of course, responsible for the proceedings, but the picture has been brought under its notice by a section of the community whose impulses in these matters are well known. Mr Herdman, for the defence, made application for an adjournment till Wednesday next, as there was a large number of witnesses to be called. The most celebrated artists of Victoria, and men well known in the art world, had been asked to give evidence. The picture had been exhibited in the National Gallery in Melbourne, where it was seen by thousands of persons of both sexes without any complaint being made. The application was granted. The summons is taken out in the name of the Inspector of Police, who is acting under the Offensive Publications Act. It will be interesting to see what view the magistrate takes of the matter.

A DUBIOUS DEAL.
JOHN HAMMOND'S CURIOUS COURTSHIP.
Wanted the Daughter but Got the Dog!
MIXED MORALS AT PELORUS SOUNDS.
An Awful Charge Against a Brother.
The Crime of Incest Alleged.

"Truth" cannot vouch for the respectability of a family named Laird who have cut up in one or more of the bays of Pelorus Sound. Still, when it hears that Frederick Laird, aged 24, was the other day arrested and remanded on a charge of having committed incest with his sister Elizabeth Laird, who is aged 18, this paper is inclined to imagine that a missionary or two down in the district would be far from out of place. The case is, strange to relate, not one in which the police have been the first to move. John Hammond, a settler, was the complainant, and he had been engaged to marry the daughter of the house. But instead of getting the girl he was put off with a dog, and an agreement for ten pounds which he never received. Hammond said he had been told that the girl would marry him when she was old enough. He had paid money to the father for the purpose. Then he found that the girl was living with her brother. He went to the police and the arrest followed. The case was adjourned, and the accused was admitted to bail in a substantial sum. Houses of coal-miners in Scotland are to be inspected with a view to removing defects in sanitation.

WOULD NOT SHOOT.

"Truth" cannot vouch for the respectability of a family named Laird who have cut up in one or more of the bays of Pelorus Sound. Still, when it hears that Frederick Laird, aged 24, was the other day arrested and remanded on a charge of having committed incest with his sister Elizabeth Laird, who is aged 18, this paper is inclined to imagine that a missionary or two down in the district would be far from out of place. The case is, strange to relate, not one in which the police have been the first to move. John Hammond, a settler, was the complainant, and he had been engaged to marry the daughter of the house. But instead of getting the girl he was put off with a dog, and an agreement for ten pounds which he never received. Hammond said he had been told that the girl would marry him when she was old enough. He had paid money to the father for the purpose. Then he found that the girl was living with her brother. He went to the police and the arrest followed. The case was adjourned, and the accused was admitted to bail in a substantial sum. Houses of coal-miners in Scotland are to be inspected with a view to removing defects in sanitation.

IN SEARCH OF THE WOMAN.

"Truth" cannot vouch for the respectability of a family named Laird who have cut up in one or more of the bays of Pelorus Sound. Still, when it hears that Frederick Laird, aged 24, was the other day arrested and remanded on a charge of having committed incest with his sister Elizabeth Laird, who is aged 18, this paper is inclined to imagine that a missionary or two down in the district would be far from out of place. The case is, strange to relate, not one in which the police have been the first to move. John Hammond, a settler, was the complainant, and he had been engaged to marry the daughter of the house. But instead of getting the girl he was put off with a dog, and an agreement for ten pounds which he never received. Hammond said he had been told that the girl would marry him when she was old enough. He had paid money to the father for the purpose. Then he found that the girl was living with her brother. He went to the police and the arrest followed. The case was adjourned, and the accused was admitted to bail in a substantial sum. Houses of coal-miners in Scotland are to be inspected with a view to removing defects in sanitation.

WAS PALMED OFF ON JACOB.

"Truth" cannot vouch for the respectability of a family named Laird who have cut up in one or more of the bays of Pelorus Sound. Still, when it hears that Frederick Laird, aged 24, was the other day arrested and remanded on a charge of having committed incest with his sister Elizabeth Laird, who is aged 18, this paper is inclined to imagine that a missionary or two down in the district would be far from out of place. The case is, strange to relate, not one in which the police have been the first to move. John Hammond, a settler, was the complainant, and he had been engaged to marry the daughter of the house. But instead of getting the girl he was put off with a dog, and an agreement for ten pounds which he never received. Hammond said he had been told that the girl would marry him when she was old enough. He had paid money to the father for the purpose. Then he found that the girl was living with her brother. He went to the police and the arrest followed. The case was adjourned, and the accused was admitted to bail in a substantial sum. Houses of coal-miners in Scotland are to be inspected with a view to removing defects in sanitation.

"Truth" cannot vouch for the respectability of a family named Laird who have cut up in one or more of the bays of Pelorus Sound. Still, when it hears that Frederick Laird, aged 24, was the other day arrested and remanded on a charge of having committed incest with his sister Elizabeth Laird, who is aged 18, this paper is inclined to imagine that a missionary or two down in the district would be far from out of place. The case is, strange to relate, not one in which the police have been the first to move. John Hammond, a settler, was the complainant, and he had been engaged to marry the daughter of the house. But instead of getting the girl he was put off with a dog, and an agreement for ten pounds which he never received. Hammond said he had been told that the girl would marry him when she was old enough. He had paid money to the father for the purpose. Then he found that the girl was living with her brother. He went to the police and the arrest followed. The case was adjourned, and the accused was admitted to bail in a substantial sum. Houses of coal-miners in Scotland are to be inspected with a view to removing defects in sanitation.

"Truth" cannot vouch for the respectability of a family named Laird who have cut up in one or more of the bays of Pelorus Sound. Still, when it hears that Frederick Laird, aged 24, was the other day arrested and remanded on a charge of having committed incest with his sister Elizabeth Laird, who is aged 18, this paper is inclined to imagine that a missionary or two down in the district would be far from out of place. The case is, strange to relate, not one in which the police have been the first to move. John Hammond, a settler, was the complainant, and he had been engaged to marry the daughter of the house. But instead of getting the girl he was put off with a dog, and an agreement for ten pounds which he never received. Hammond said he had been told that the girl would marry him when she was old enough. He had paid money to the father for the purpose. Then he found that the girl was living with her brother. He went to the police and the arrest followed. The case was adjourned, and the accused was admitted to bail in a substantial sum. Houses of coal-miners in Scotland are to be inspected with a view to removing defects in sanitation.

"Truth" cannot vouch for the respectability of a family named Laird who have cut up in one or more of the bays of Pelorus Sound. Still, when it hears that Frederick Laird, aged 24, was the other day arrested and remanded on a charge of having committed incest with his sister Elizabeth Laird, who is aged 18, this paper is inclined to imagine that a missionary or two down in the district would be far from out of place. The case is, strange to relate, not one in which the police have been the first to move. John Hammond, a settler, was the complainant, and he had been engaged to marry the daughter of the house. But instead of getting the girl he was put off with a dog, and an agreement for ten pounds which he never received. Hammond said he had been told that the girl would marry him when she was old enough. He had paid money to the father for the purpose. Then he found that the girl was living with her brother. He went to the police and the arrest followed. The case was adjourned, and the accused was admitted to bail in a substantial sum. Houses of coal-miners in Scotland are to be inspected with a view to removing defects in sanitation.

"Truth" cannot vouch for the respectability of a family named Laird who have cut up in one or more of the bays of Pelorus Sound. Still, when it hears that Frederick Laird, aged 24, was the other day arrested and remanded on a charge of having committed incest with his sister Elizabeth Laird, who is aged 18, this paper is inclined to imagine that a missionary or two down in the district would be far from out of place. The case is, strange to relate, not one in which the police have been the first to move. John Hammond, a settler, was the complainant, and he had been engaged to marry the daughter of the house. But instead of getting the girl he was put off with a dog, and an agreement for ten pounds which he never received. Hammond said he had been told that the girl would marry him when she was old enough. He had paid money to the father for the purpose. Then he found that the girl was living with her brother. He went to the police and the arrest followed. The case was adjourned, and the accused was admitted to bail in a substantial sum. Houses of coal-miners in Scotland are to be inspected with a view to removing defects in sanitation.
